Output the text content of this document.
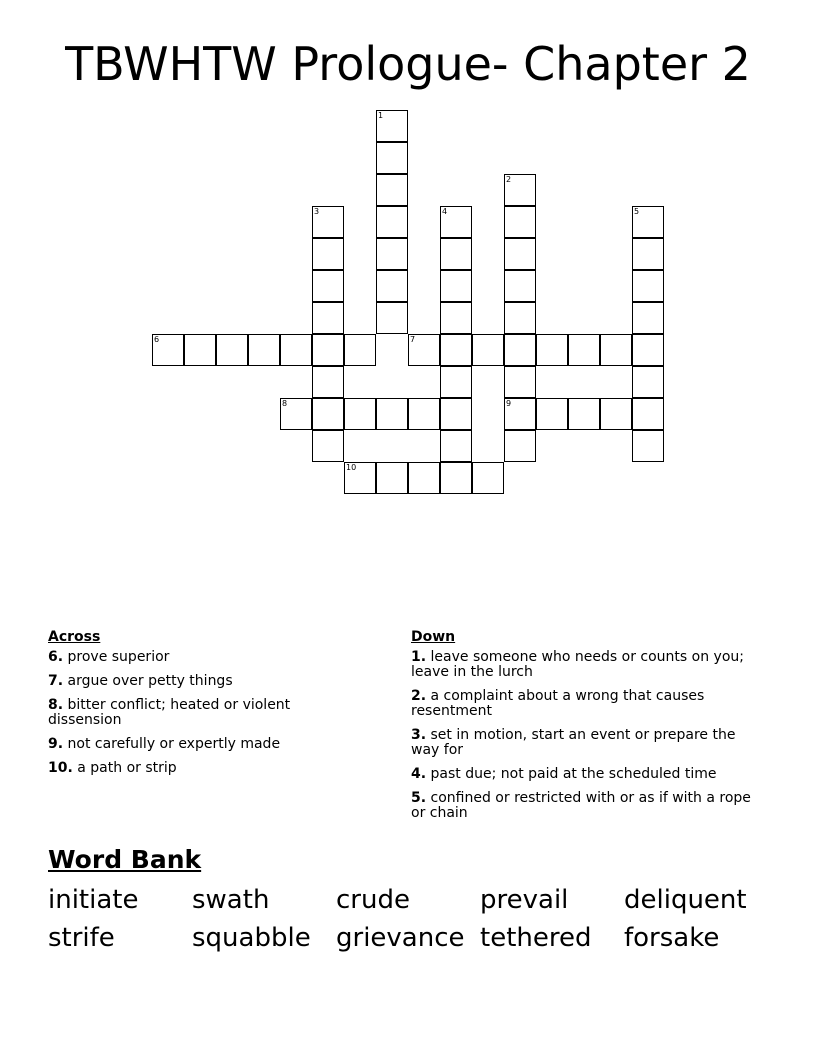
TBWHTW Prologue- Chapter 2
1
2
3	4	5
6	7
8	9
10
Across
6. prove superior
7. argue over petty things
8. bitter conflict; heated or violent dissension
9. not carefully or expertly made
10. a path or strip
Down
1. leave someone who needs or counts on you; leave in the lurch
2. a complaint about a wrong that causes resentment
3. set in motion, start an event or prepare the way for
4. past due; not paid at the scheduled time
5. confined or restricted with or as if with a rope or chain
Word Bank
initiate swath	crude	prevail deliquent
strife	squabble grievance tethered forsake
